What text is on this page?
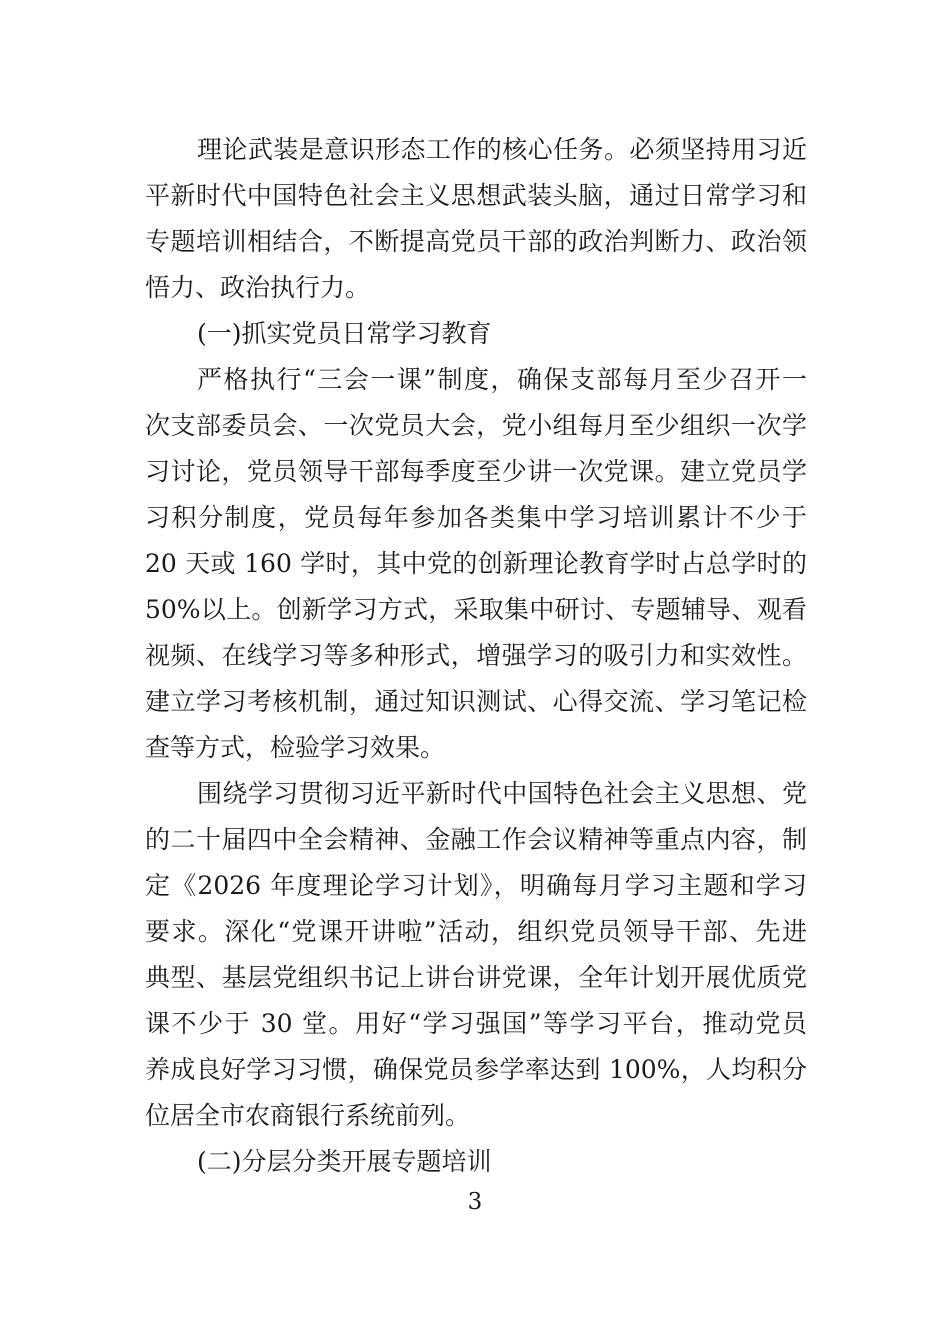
理论武装是意识形态工作的核心任务。必须坚持用习近
平新时代中国特色社会主义思想武装头脑，通过日常学习和
专题培训相结合，不断提高党员干部的政治判断力、政治领
悟力、政治执行力。
(一)抓实党员日常学习教育
严格执行“三会一课”制度，确保支部每月至少召开一
次支部委员会、一次党员大会，党小组每月至少组织一次学
习讨论，党员领导干部每季度至少讲一次党课。建立党员学
习积分制度，党员每年参加各类集中学习培训累计不少于
20 天或 160 学时，其中党的创新理论教育学时占总学时的
50%以上。创新学习方式，采取集中研讨、专题辅导、观看
视频、在线学习等多种形式，增强学习的吸引力和实效性。
建立学习考核机制，通过知识测试、心得交流、学习笔记检
查等方式，检验学习效果。
围绕学习贯彻习近平新时代中国特色社会主义思想、党
的二十届四中全会精神、金融工作会议精神等重点内容，制
定《2026 年度理论学习计划》，明确每月学习主题和学习
要求。深化“党课开讲啦”活动，组织党员领导干部、先进
典型、基层党组织书记上讲台讲党课，全年计划开展优质党
课不少于 30 堂。用好“学习强国”等学习平台，推动党员
养成良好学习习惯，确保党员参学率达到 100%，人均积分
位居全市农商银行系统前列。
(二)分层分类开展专题培训
3
